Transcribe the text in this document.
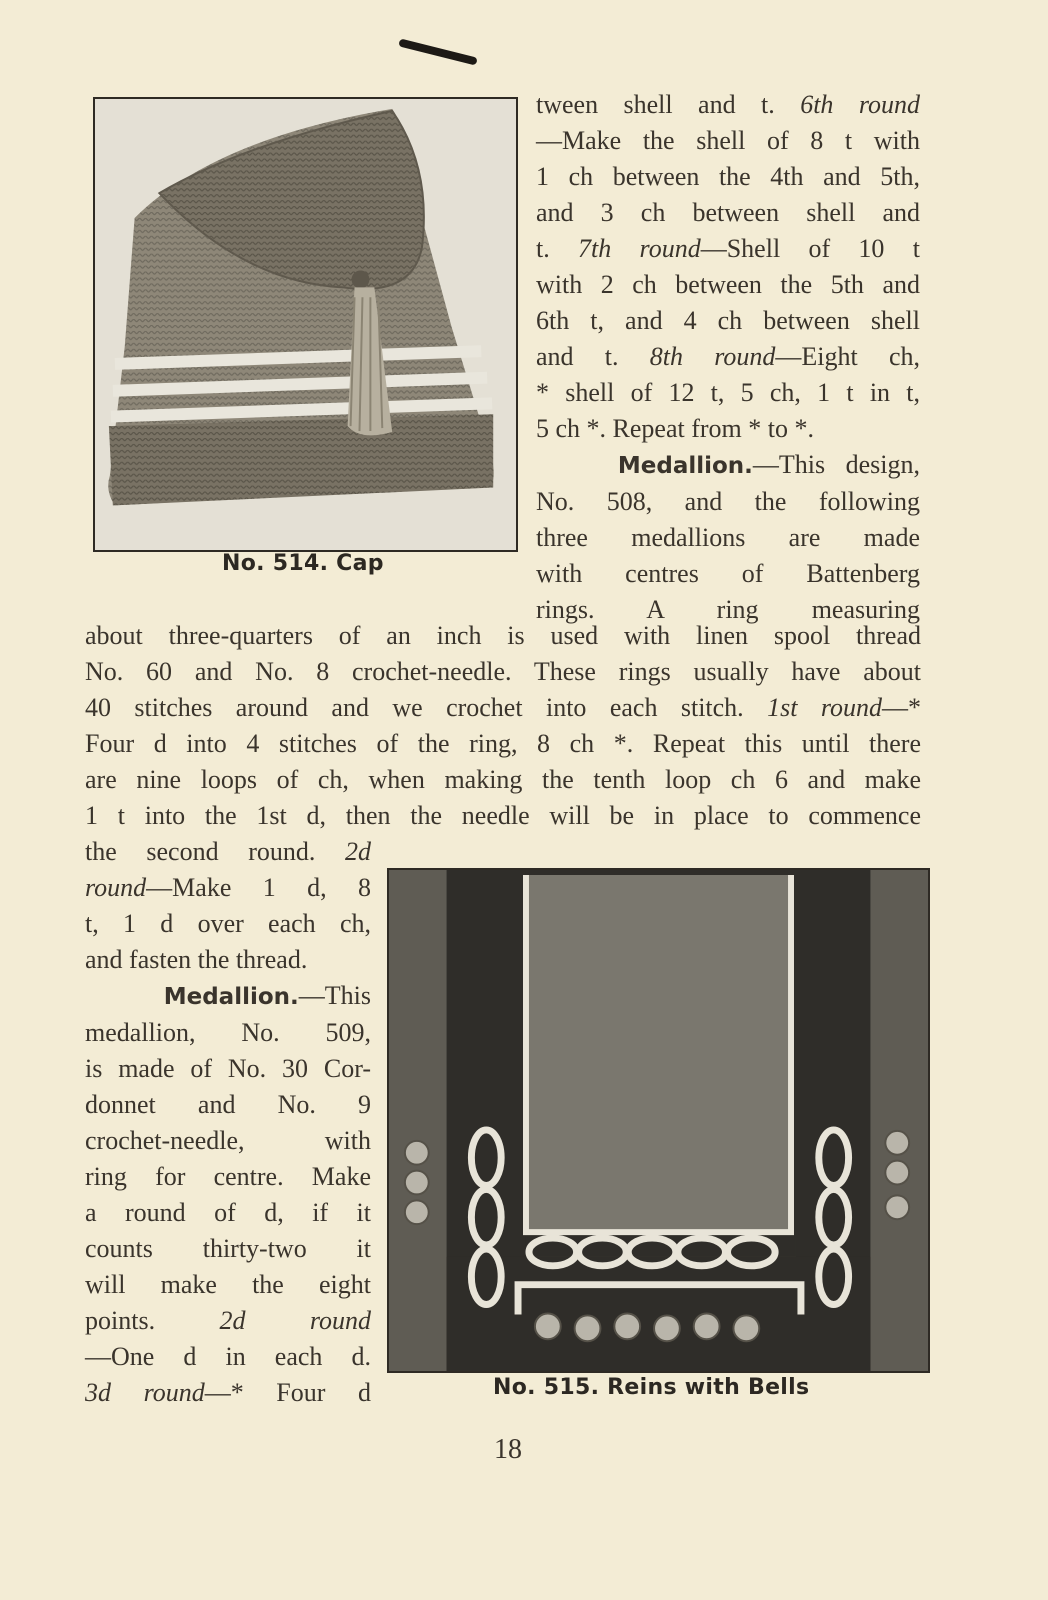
No. 514. Cap
tween shell and t. 6th round
—Make the shell of 8 t with
1 ch between the 4th and 5th,
and 3 ch between shell and
t. 7th round—Shell of 10 t
with 2 ch between the 5th and
6th t, and 4 ch between shell
and t. 8th round—Eight ch,
* shell of 12 t, 5 ch, 1 t in t,
5 ch *. Repeat from * to *.
Medallion.—This design,
No. 508, and the following
three medallions are made
with centres of Battenberg
rings. A ring measuring
about three-quarters of an inch is used with linen spool thread
No. 60 and No. 8 crochet-needle. These rings usually have about
40 stitches around and we crochet into each stitch. 1st round—*
Four d into 4 stitches of the ring, 8 ch *. Repeat this until there
are nine loops of ch, when making the tenth loop ch 6 and make
1 t into the 1st d, then the needle will be in place to commence
No. 515. Reins with Bells
the second round. 2d
round—Make 1 d, 8
t, 1 d over each ch,
and fasten the thread.
Medallion.—This
medallion, No. 509,
is made of No. 30 Cor-
donnet and No. 9
crochet-needle, with
ring for centre. Make
a round of d, if it
counts thirty-two it
will make the eight
points. 2d round
—One d in each d.
3d round—* Four d
18
